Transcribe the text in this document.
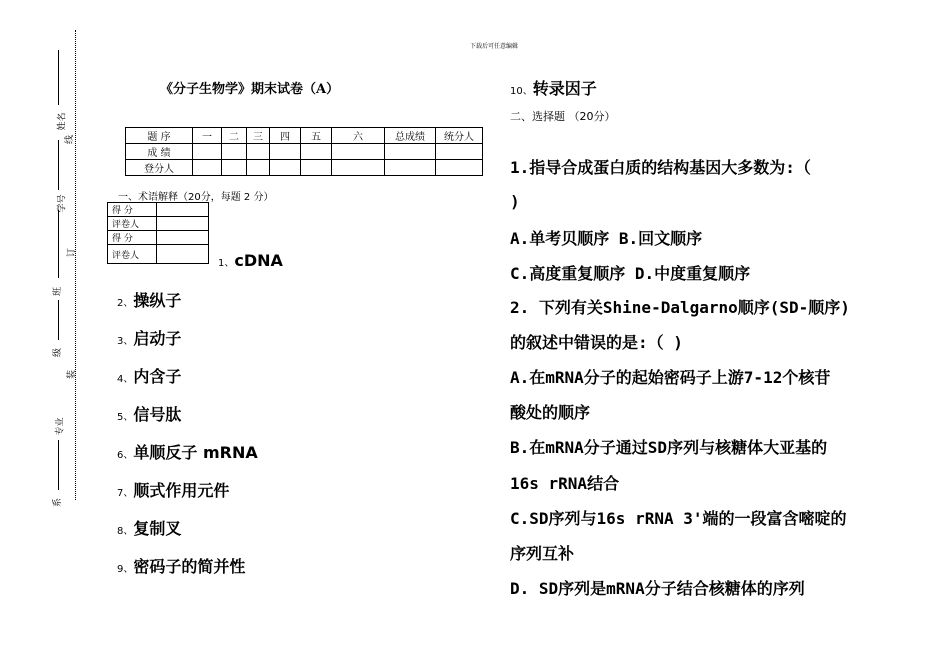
下载后可任意编辑
姓名
线
学号
订
班
级
装
专业
系
《分子生物学》期末试卷（A）
题 序	一	二	三	四	五	六	总成绩	统分人
成 绩								
登分人								
一、术语解释（20分，每题 2 分）
得 分	
评卷人	
得 分	
评卷人	
1、cDNA
2、操纵子
3、启动子
4、内含子
5、信号肽
6、单顺反子 mRNA
7、顺式作用元件
8、复制叉
9、密码子的简并性
10、转录因子
二、选择题 （20分）
1.指导合成蛋白质的结构基因大多数为:（
)
A.单考贝顺序 B.回文顺序
C.高度重复顺序 D.中度重复顺序
2. 下列有关Shine-Dalgarno顺序(SD-顺序)
的叙述中错误的是:（ )
A.在mRNA分子的起始密码子上游7-12个核苷
酸处的顺序
B.在mRNA分子通过SD序列与核糖体大亚基的
16s rRNA结合
C.SD序列与16s rRNA 3'端的一段富含嘧啶的
序列互补
D. SD序列是mRNA分子结合核糖体的序列
